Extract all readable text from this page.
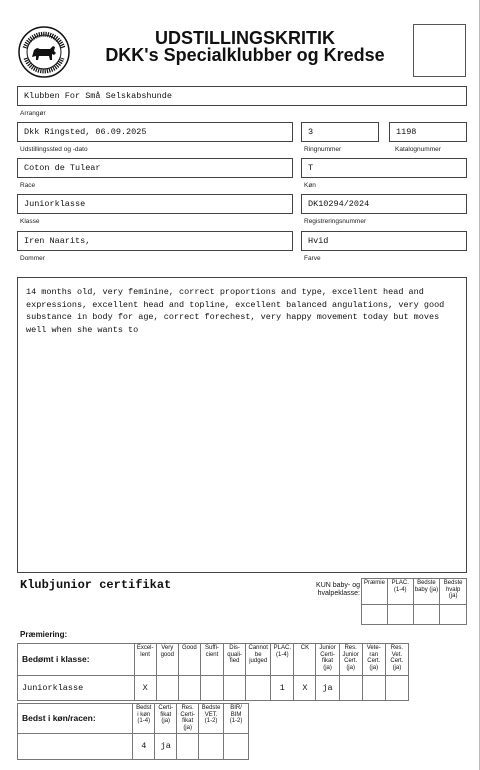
UDSTILLINGSKRITIK
DKK's Specialklubber og Kredse
Klubben For Små Selskabshunde
Arrangør
Dkk Ringsted, 06.09.2025
Udstillingssted og -dato
3
Ringnummer
1198
Katalognummer
Coton de Tulear
Race
T
Køn
Juniorklasse
Klasse
DK10294/2024
Registreringsnummer
Iren Naarits,
Dommer
Hvid
Farve
14 months old, very feminine, correct proportions and type, excellent head and expressions, excellent head and topline, excellent balanced angulations, very good substance in body for age, correct forechest, very happy movement today but moves well when she wants to
Klubjunior certifikat	KUN baby- og hvalpeklasse:
Præmie	PLAC.
(1-4)	Bedste baby (ja)	Bedste hvalp (ja)

Præmiering:
Bedømt i klasse:	Excel-
lent	Very
good	Good	Suffi-
cient	Dis-
quali-
fied	Cannot
be
judged	PLAC.
(1-4)	CK	Junior
Certi-
fikat
(ja)	Res.
Junior
Cert.
(ja)	Vete-
ran
Cert.
(ja)	Res.
Vet.
Cert.
(ja)
Juniorklasse	X						1	X	ja			
Bedst i køn/racen:	Bedst
i køn
(1-4)	Certi-
fikat
(ja)	Res.
Certi-
fikat
(ja)	Bedste
VET.
(1-2)	BIR/
BIM
(1-2)
	4	ja			
